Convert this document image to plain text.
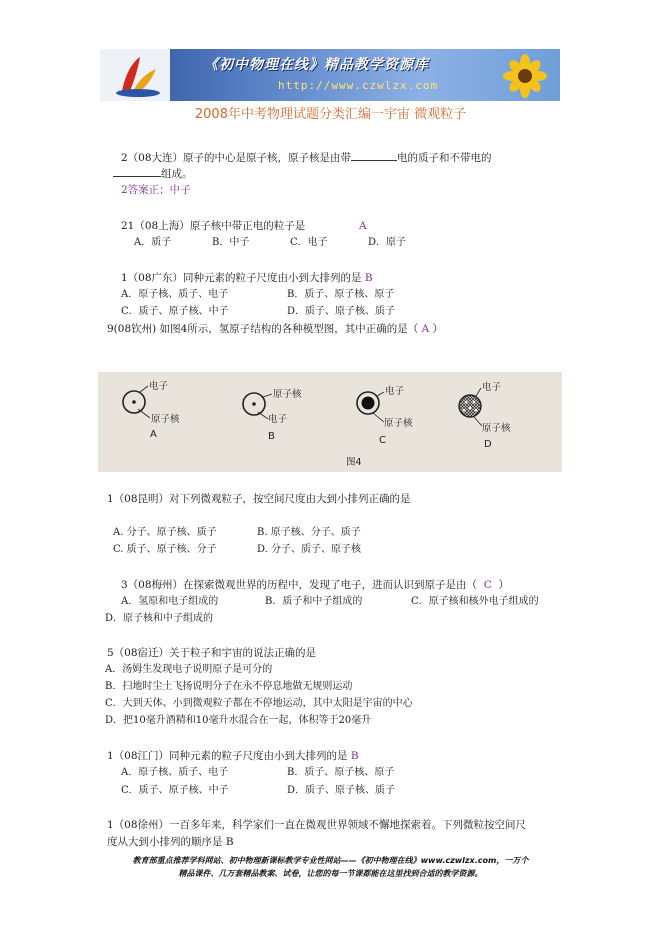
《初中物理在线》精品教学资源库
http://www.czwlzx.com
2008年中考物理试题分类汇编一宇宙 微观粒子
2（08大连）原子的中心是原子核，原子核是由带	电的质子和不带电的
组成。
2答案正；中子
21（08上海）原子核中带正电的粒子是	A
A．质子	B．中子	C．电子	D．原子
1（08广东）同种元素的粒子尺度由小到大排列的是 B
A．原子核、质子、电子	B．质子、原子核、原子
C．质子、原子核、中子	D．质子、原子核、质子
9(08钦州) 如图4所示，氢原子结构的各种模型图，其中正确的是（ A ）
电子
原子核
A
原子核
电子
B
电子
原子核
C
电子
原子核
D
图4
1（08昆明）对下列微观粒子，按空间尺度由大到小排列正确的是
A. 分子、原子核、质子	B. 原子核、分子、质子
C. 质子、原子核、分子	D. 分子、质子、原子核
3（08梅州）在探索微观世界的历程中，发现了电子，进而认识到原子是由（ C ）
A．氢原和电子组成的	B．质子和中子组成的	C．原子核和核外电子组成的
D．原子核和中子组成的
5（08宿迁）关于粒子和宇宙的说法正确的是
A．汤姆生发现电子说明原子是可分的
B．扫地时尘土飞扬说明分子在永不停息地做无规则运动
C．大到天体、小到微观粒子都在不停地运动，其中太阳是宇宙的中心
D．把10毫升酒精和10毫升水混合在一起，体积等于20毫升
1（08江门）同种元素的粒子尺度由小到大排列的是 B
A．原子核、质子、电子	B．质子、原子核、原子
C．质子、原子核、中子	D．质子、原子核、质子
1（08徐州）一百多年来，科学家们一直在微观世界领域不懈地探索着。下列微粒按空间尺
度从大到小排列的顺序是 B
教育部重点推荐学科网站、初中物理新课标教学专业性网站——《初中物理在线》www.czwlzx.com，一万个
精品课件、几万套精品教案、试卷，让您的每一节课都能在这里找到合适的教学资源。
